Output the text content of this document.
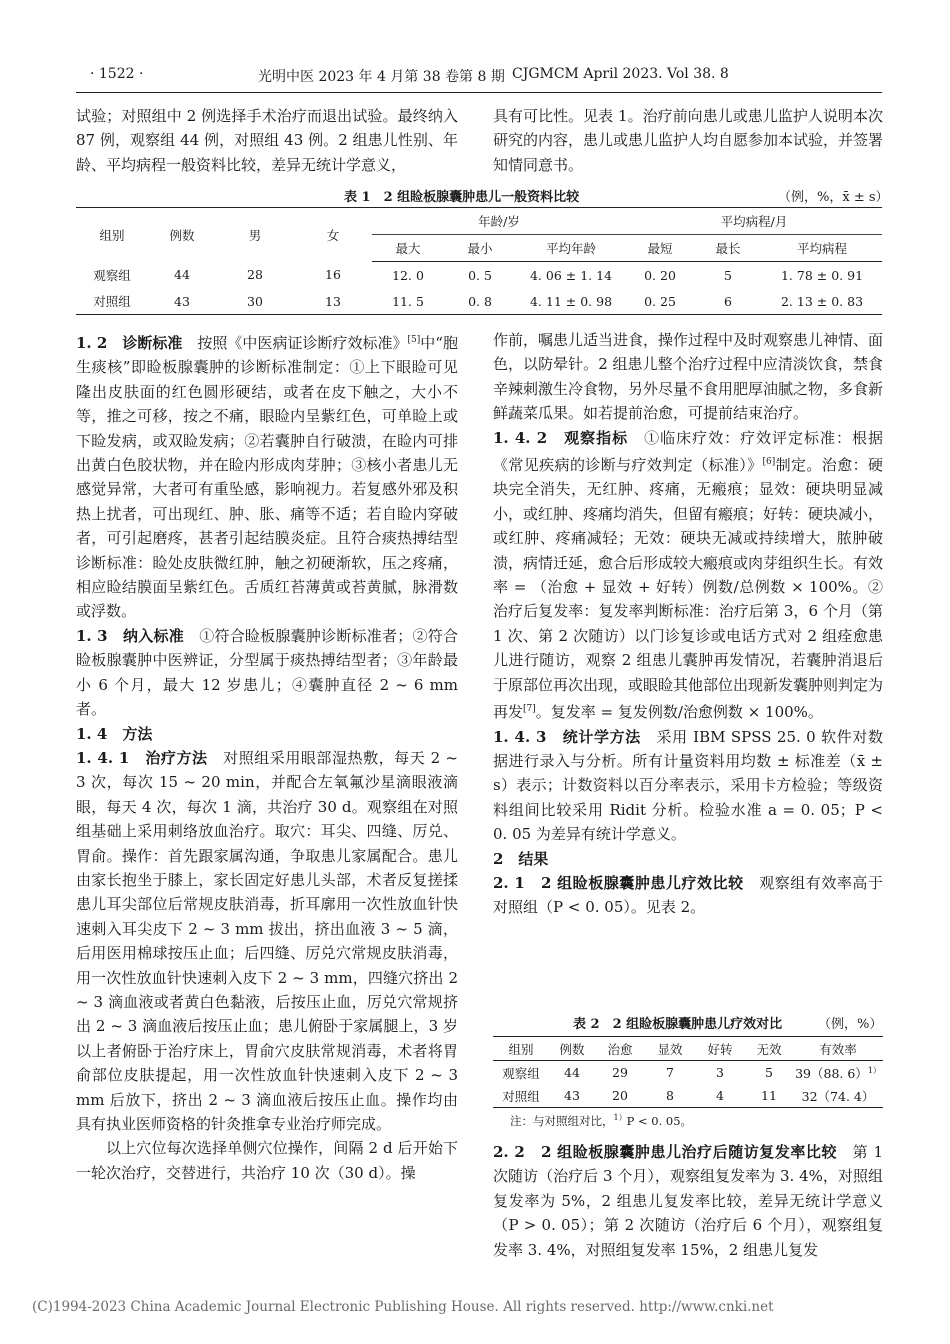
· 1522 ·	光明中医 2023 年 4 月第 38 卷第 8 期 CJGMCM April 2023. Vol 38. 8

试验；对照组中 2 例选择手术治疗而退出试验。最终纳入 87 例，观察组 44 例，对照组 43 例。2 组患儿性别、年龄、平均病程一般资料比较，差异无统计学意义，

具有可比性。见表 1。治疗前向患儿或患儿监护人说明本次研究的内容，患儿或患儿监护人均自愿参加本试验，并签署知情同意书。

表 1　2 组睑板腺囊肿患儿一般资料比较	（例，%，x̄ ± s）
组别	例数	男	女	年龄/岁			平均病程/月		
				最大	最小	平均年龄	最短	最长	平均病程
观察组	44	28	16	12. 0	0. 5	4. 06 ± 1. 14	0. 20	5	1. 78 ± 0. 91
对照组	43	30	13	11. 5	0. 8	4. 11 ± 0. 98	0. 25	6	2. 13 ± 0. 83

1. 2　诊断标准　 按照《中医病证诊断疗效标准》[5]中“胞生痰核”即睑板腺囊肿的诊断标准制定：①上下眼睑可见隆出皮肤面的红色圆形硬结，或者在皮下触之，大小不等，推之可移，按之不痛，眼睑内呈紫红色，可单睑上或下睑发病，或双睑发病；②若囊肿自行破溃，在睑内可排出黄白色胶状物，并在睑内形成肉芽肿；③核小者患儿无感觉异常，大者可有重坠感，影响视力。若复感外邪及积热上扰者，可出现红、肿、胀、痛等不适；若自睑内穿破者，可引起磨疼，甚者引起结膜炎症。且符合痰热搏结型诊断标准：睑处皮肤微红肿，触之初硬渐软，压之疼痛，相应睑结膜面呈紫红色。舌质红苔薄黄或苔黄腻，脉滑数或浮数。

1. 3　纳入标准　 ①符合睑板腺囊肿诊断标准者；②符合睑板腺囊肿中医辨证，分型属于痰热搏结型者；③年龄最小 6 个月，最大 12 岁患儿；④囊肿直径 2 ~ 6 mm 者。

1. 4　方法

1. 4. 1　治疗方法　 对照组采用眼部湿热敷，每天 2 ~ 3 次，每次 15 ~ 20 min，并配合左氧氟沙星滴眼液滴眼，每天 4 次，每次 1 滴，共治疗 30 d。观察组在对照组基础上采用刺络放血治疗。取穴：耳尖、四缝、厉兑、胃俞。操作：首先跟家属沟通，争取患儿家属配合。患儿由家长抱坐于膝上，家长固定好患儿头部，术者反复搓揉患儿耳尖部位后常规皮肤消毒，折耳廓用一次性放血针快速刺入耳尖皮下 2 ~ 3 mm 拔出，挤出血液 3 ~ 5 滴，后用医用棉球按压止血；后四缝、厉兑穴常规皮肤消毒，用一次性放血针快速刺入皮下 2 ~ 3 mm，四缝穴挤出 2 ~ 3 滴血液或者黄白色黏液，后按压止血，厉兑穴常规挤出 2 ~ 3 滴血液后按压止血；患儿俯卧于家属腿上，3 岁以上者俯卧于治疗床上，胃俞穴皮肤常规消毒，术者将胃俞部位皮肤提起，用一次性放血针快速刺入皮下 2 ~ 3 mm 后放下，挤出 2 ~ 3 滴血液后按压止血。操作均由具有执业医师资格的针灸推拿专业治疗师完成。

以上穴位每次选择单侧穴位操作，间隔 2 d 后开始下一轮次治疗，交替进行，共治疗 10 次（30 d）。操

作前，嘱患儿适当进食，操作过程中及时观察患儿神情、面色，以防晕针。2 组患儿整个治疗过程中应清淡饮食，禁食辛辣刺激生冷食物，另外尽量不食用肥厚油腻之物，多食新鲜蔬菜瓜果。如若提前治愈，可提前结束治疗。

1. 4. 2　观察指标　 ①临床疗效：疗效评定标准：根据《常见疾病的诊断与疗效判定（标准）》[6]制定。治愈：硬块完全消失，无红肿、疼痛，无瘢痕；显效：硬块明显减小，或红肿、疼痛均消失，但留有瘢痕；好转：硬块减小，或红肿、疼痛减轻；无效：硬块无减或持续增大，脓肿破溃，病情迁延，愈合后形成较大瘢痕或肉芽组织生长。有效率 = （治愈 + 显效 + 好转）例数/总例数 × 100%。②治疗后复发率：复发率判断标准：治疗后第 3，6 个月（第 1 次、第 2 次随访）以门诊复诊或电话方式对 2 组痊愈患儿进行随访，观察 2 组患儿囊肿再发情况，若囊肿消退后于原部位再次出现，或眼睑其他部位出现新发囊肿则判定为再发[7]。复发率 = 复发例数/治愈例数 × 100%。

1. 4. 3　统计学方法　 采用 IBM SPSS 25. 0 软件对数据进行录入与分析。所有计量资料用均数 ± 标准差（x̄ ± s）表示；计数资料以百分率表示，采用卡方检验；等级资料组间比较采用 Ridit 分析。检验水准 a = 0. 05；P < 0. 05 为差异有统计学意义。

2　结果

2. 1　2 组睑板腺囊肿患儿疗效比较　 观察组有效率高于对照组（P < 0. 05）。见表 2。

表 2　2 组睑板腺囊肿患儿疗效对比	（例，%）
组别	例数	治愈	显效	好转	无效	有效率
观察组	44	29	7	3	5	39（88. 6）$^{1)}$
对照组	43	20	8	4	11	32（74. 4）
注：与对照组对比，$^{1)}$P < 0. 05。

2. 2　2 组睑板腺囊肿患儿治疗后随访复发率比较　 第 1 次随访（治疗后 3 个月），观察组复发率为 3. 4%，对照组复发率为 5%，2 组患儿复发率比较，差异无统计学意义（P > 0. 05）；第 2 次随访（治疗后 6 个月），观察组复发率 3. 4%，对照组复发率 15%，2 组患儿复发

(C)1994-2023 China Academic Journal Electronic Publishing House. All rights reserved. http://www.cnki.net
